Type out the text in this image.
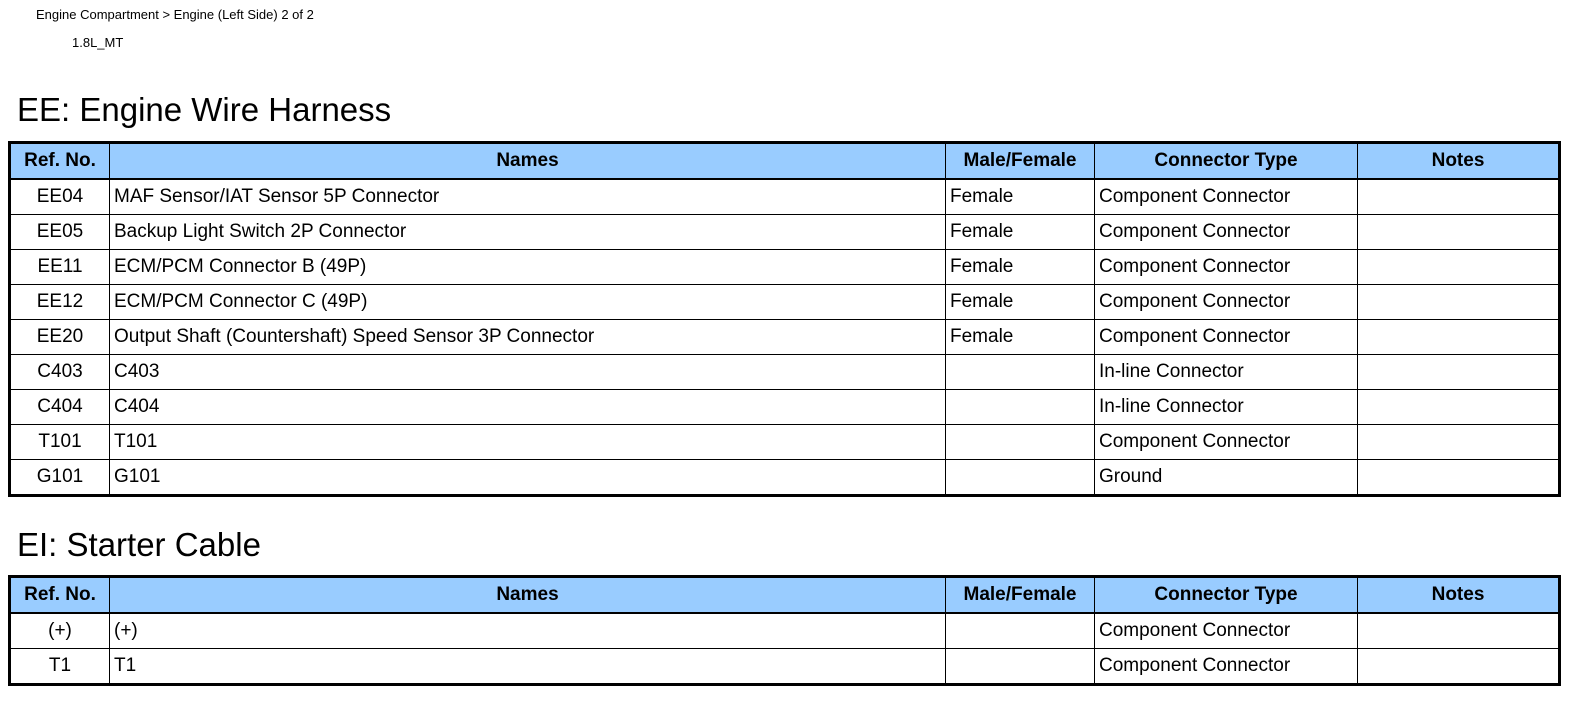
Engine Compartment > Engine (Left Side) 2 of 2
1.8L_MT
EE: Engine Wire Harness
Ref. No.	Names	Male/Female	Connector Type	Notes
EE04	MAF Sensor/IAT Sensor 5P Connector	Female	Component Connector	
EE05	Backup Light Switch 2P Connector	Female	Component Connector	
EE11	ECM/PCM Connector B (49P)	Female	Component Connector	
EE12	ECM/PCM Connector C (49P)	Female	Component Connector	
EE20	Output Shaft (Countershaft) Speed Sensor 3P Connector	Female	Component Connector	
C403	C403		In-line Connector	
C404	C404		In-line Connector	
T101	T101		Component Connector	
G101	G101		Ground	
EI: Starter Cable
Ref. No.	Names	Male/Female	Connector Type	Notes
(+)	(+)		Component Connector	
T1	T1		Component Connector	
